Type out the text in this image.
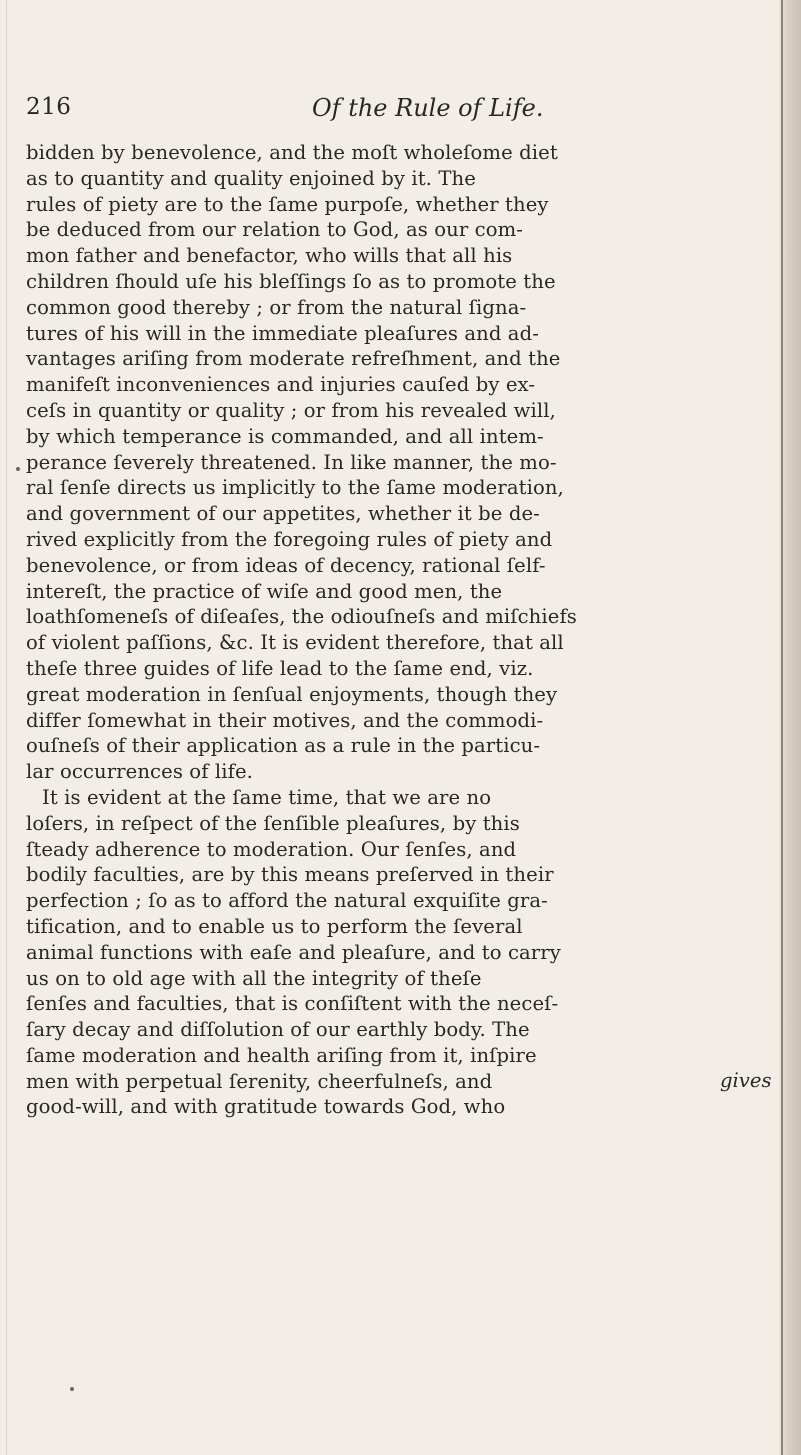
216	Of the Rule of Life.
bidden by benevolence, and the moſt wholeſome diet
as to quantity and quality enjoined by it. The
rules of piety are to the ſame purpoſe, whether they
be deduced from our relation to God, as our com-
mon father and benefactor, who wills that all his
children ſhould uſe his bleſſings ſo as to promote the
common good thereby ; or from the natural ſigna-
tures of his will in the immediate pleaſures and ad-
vantages ariſing from moderate refreſhment, and the
manifeſt inconveniences and injuries cauſed by ex-
ceſs in quantity or quality ; or from his revealed will,
by which temperance is commanded, and all intem-
perance ſeverely threatened. In like manner, the mo-
ral ſenſe directs us implicitly to the ſame moderation,
and government of our appetites, whether it be de-
rived explicitly from the foregoing rules of piety and
benevolence, or from ideas of decency, rational ſelf-
intereſt, the practice of wiſe and good men, the
loathſomeneſs of diſeaſes, the odiouſneſs and miſchiefs
of violent paſſions, &c. It is evident therefore, that all
theſe three guides of life lead to the ſame end, viz.
great moderation in ſenſual enjoyments, though they
differ ſomewhat in their motives, and the commodi-
ouſneſs of their application as a rule in the particu-
lar occurrences of life.
It is evident at the ſame time, that we are no
loſers, in reſpect of the ſenſible pleaſures, by this
ſteady adherence to moderation. Our ſenſes, and
bodily faculties, are by this means preſerved in their
perfection ; ſo as to afford the natural exquiſite gra-
tification, and to enable us to perform the ſeveral
animal functions with eaſe and pleaſure, and to carry
us on to old age with all the integrity of theſe
ſenſes and faculties, that is conſiſtent with the neceſ-
ſary decay and diſſolution of our earthly body. The
ſame moderation and health ariſing from it, inſpire
men with perpetual ſerenity, cheerfulneſs, and
good-will, and with gratitude towards God, who
gives
